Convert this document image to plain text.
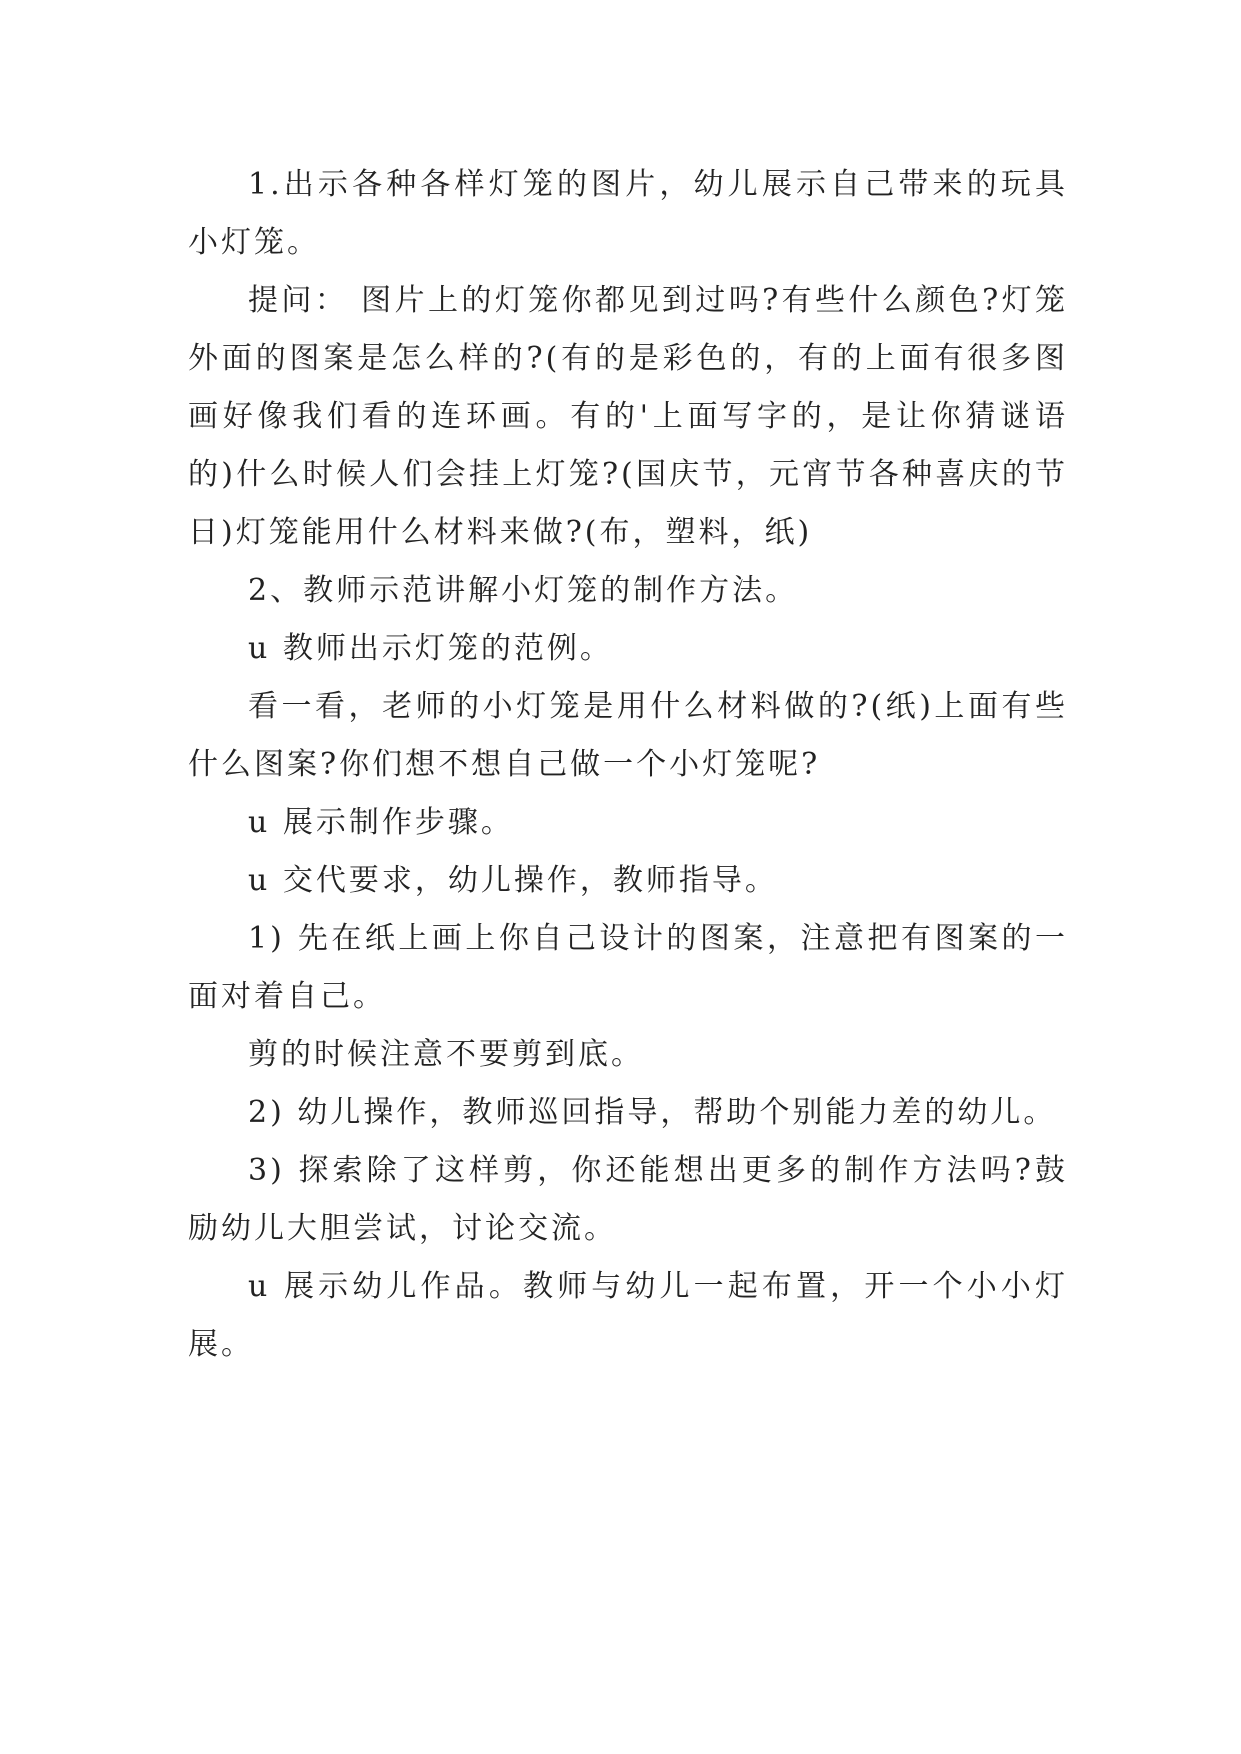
1.出示各种各样灯笼的图片，幼儿展示自己带来的玩具小灯笼。

提问： 图片上的灯笼你都见到过吗?有些什么颜色?灯笼外面的图案是怎么样的?(有的是彩色的，有的上面有很多图画好像我们看的连环画。有的'上面写字的，是让你猜谜语的)什么时候人们会挂上灯笼?(国庆节，元宵节各种喜庆的节日)灯笼能用什么材料来做?(布，塑料，纸)

2、教师示范讲解小灯笼的制作方法。

u 教师出示灯笼的范例。

看一看，老师的小灯笼是用什么材料做的?(纸)上面有些什么图案?你们想不想自己做一个小灯笼呢?

u 展示制作步骤。

u 交代要求，幼儿操作，教师指导。

1) 先在纸上画上你自己设计的图案，注意把有图案的一面对着自己。

剪的时候注意不要剪到底。

2) 幼儿操作，教师巡回指导，帮助个别能力差的幼儿。

3) 探索除了这样剪，你还能想出更多的制作方法吗?鼓励幼儿大胆尝试，讨论交流。

u 展示幼儿作品。教师与幼儿一起布置，开一个小小灯展。
